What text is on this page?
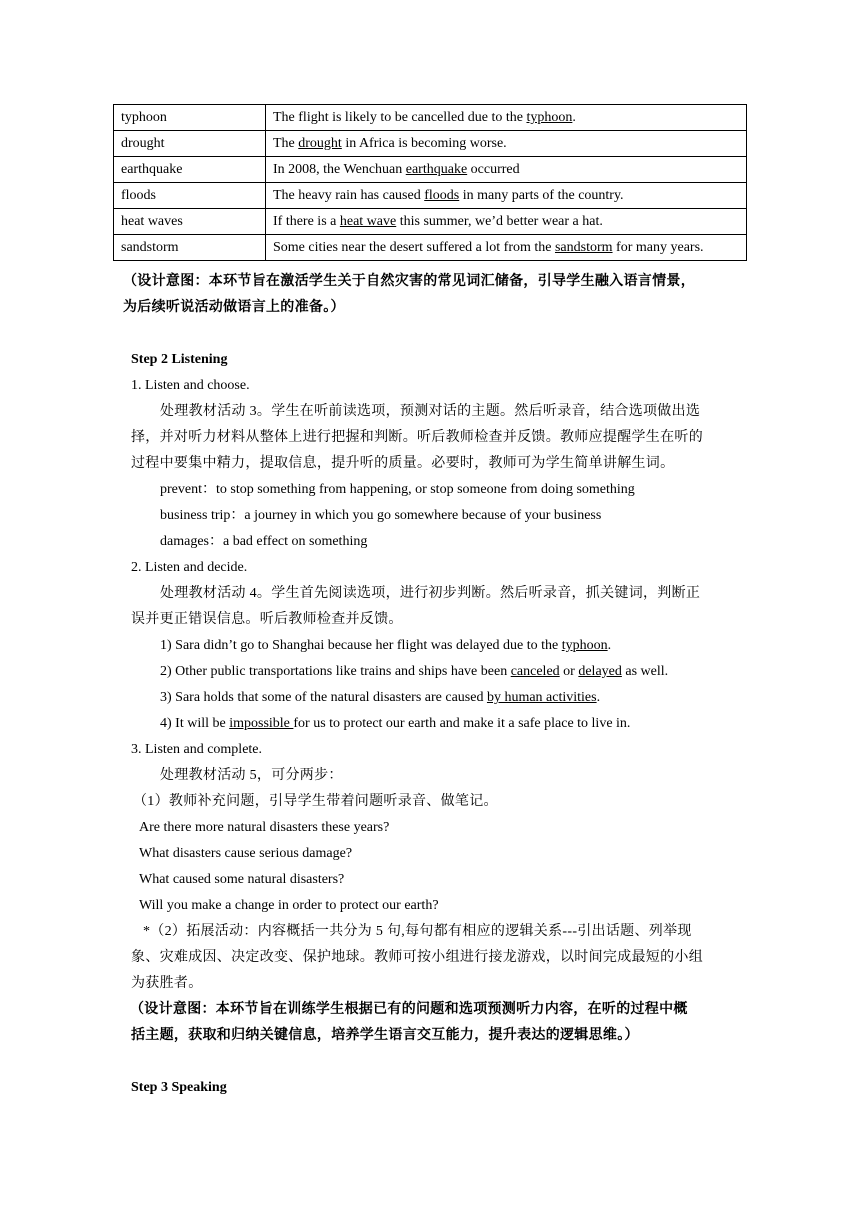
typhoon	The flight is likely to be cancelled due to the typhoon.
drought	The drought in Africa is becoming worse.
earthquake	In 2008, the Wenchuan earthquake occurred
floods	The heavy rain has caused floods in many parts of the country.
heat waves	If there is a heat wave this summer, we’d better wear a hat.
sandstorm	Some cities near the desert suffered a lot from the sandstorm for many years.
（设计意图：本环节旨在激活学生关于自然灾害的常见词汇储备，引导学生融入语言情景，
为后续听说活动做语言上的准备。）
Step 2 Listening
1. Listen and choose.
处理教材活动 3。学生在听前读选项，预测对话的主题。然后听录音，结合选项做出选
择，并对听力材料从整体上进行把握和判断。听后教师检查并反馈。教师应提醒学生在听的
过程中要集中精力，提取信息，提升听的质量。必要时，教师可为学生简单讲解生词。
prevent：to stop something from happening, or stop someone from doing something
business trip：a journey in which you go somewhere because of your business
damages：a bad effect on something
2. Listen and decide.
处理教材活动 4。学生首先阅读选项，进行初步判断。然后听录音，抓关键词，判断正
误并更正错误信息。听后教师检查并反馈。
1) Sara didn’t go to Shanghai because her flight was delayed due to the typhoon.
2) Other public transportations like trains and ships have been canceled or delayed as well.
3) Sara holds that some of the natural disasters are caused by human activities.
4) It will be impossible for us to protect our earth and make it a safe place to live in.
3. Listen and complete.
处理教材活动 5，可分两步：
（1）教师补充问题，引导学生带着问题听录音、做笔记。
Are there more natural disasters these years?
What disasters cause serious damage?
What caused some natural disasters?
Will you make a change in order to protect our earth?
*（2）拓展活动：内容概括一共分为 5 句,每句都有相应的逻辑关系---引出话题、列举现
象、灾难成因、决定改变、保护地球。教师可按小组进行接龙游戏，以时间完成最短的小组
为获胜者。
（设计意图：本环节旨在训练学生根据已有的问题和选项预测听力内容，在听的过程中概
括主题，获取和归纳关键信息，培养学生语言交互能力，提升表达的逻辑思维。）
Step 3 Speaking
